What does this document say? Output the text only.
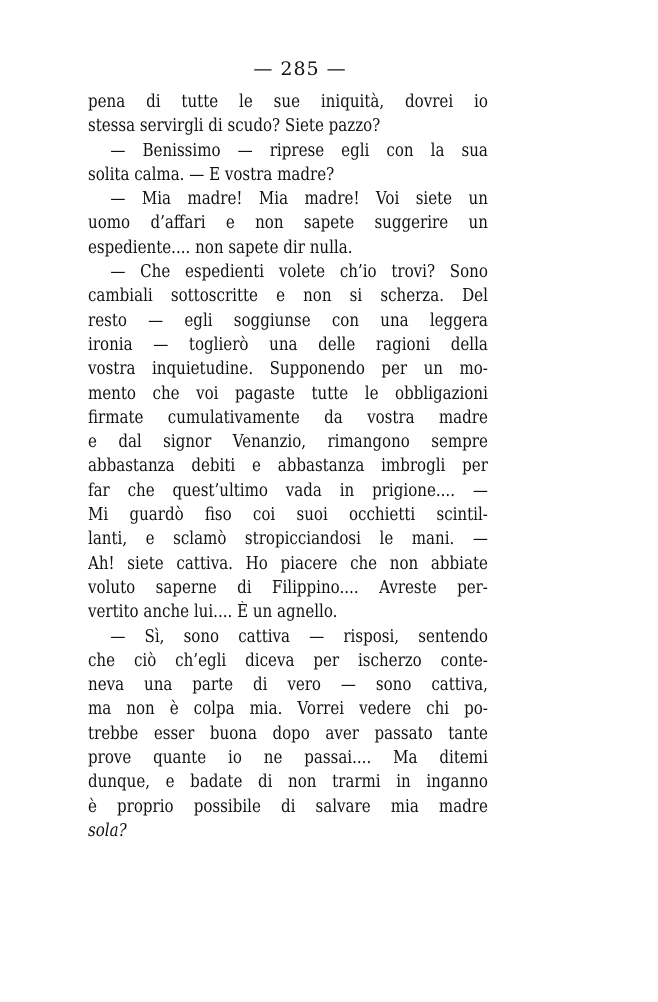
— 285 —
pena di tutte le sue iniquità, dovrei io
stessa servirgli di scudo? Siete pazzo?
— Benissimo — riprese egli con la sua
solita calma. — E vostra madre?
— Mia madre! Mia madre! Voi siete un
uomo d’affari e non sapete suggerire un
espediente.... non sapete dir nulla.
— Che espedienti volete ch’io trovi? Sono
cambiali sottoscritte e non si scherza. Del
resto — egli soggiunse con una leggera
ironia — toglierò una delle ragioni della
vostra inquietudine. Supponendo per un mo-
mento che voi pagaste tutte le obbligazioni
firmate cumulativamente da vostra madre
e dal signor Venanzio, rimangono sempre
abbastanza debiti e abbastanza imbrogli per
far che quest’ultimo vada in prigione.... —
Mi guardò fiso coi suoi occhietti scintil-
lanti, e sclamò stropicciandosi le mani. —
Ah! siete cattiva. Ho piacere che non abbiate
voluto saperne di Filippino.... Avreste per-
vertito anche lui.... È un agnello.
— Sì, sono cattiva — risposi, sentendo
che ciò ch’egli diceva per ischerzo conte-
neva una parte di vero — sono cattiva,
ma non è colpa mia. Vorrei vedere chi po-
trebbe esser buona dopo aver passato tante
prove quante io ne passai.... Ma ditemi
dunque, e badate di non trarmi in inganno
è proprio possibile di salvare mia madre
sola?
